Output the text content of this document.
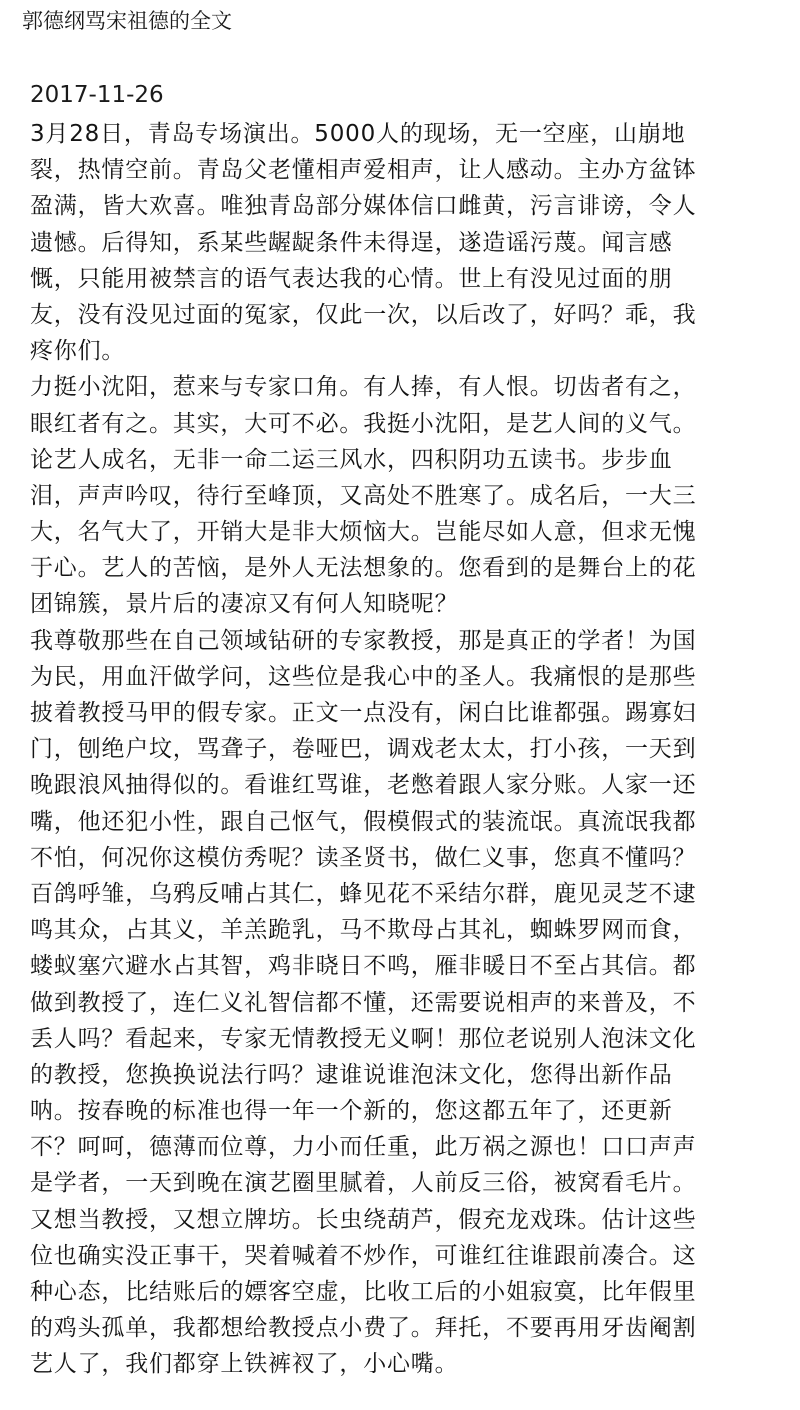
郭德纲骂宋祖德的全文
2017-11-26
3月28日，青岛专场演出。5000人的现场，无一空座，山崩地
裂，热情空前。青岛父老懂相声爱相声，让人感动。主办方盆钵
盈满，皆大欢喜。唯独青岛部分媒体信口雌黄，污言诽谤，令人
遗憾。后得知，系某些龌龊条件未得逞，遂造谣污蔑。闻言感
慨，只能用被禁言的语气表达我的心情。世上有没见过面的朋
友，没有没见过面的冤家，仅此一次，以后改了，好吗？乖，我
疼你们。
力挺小沈阳，惹来与专家口角。有人捧，有人恨。切齿者有之，
眼红者有之。其实，大可不必。我挺小沈阳，是艺人间的义气。
论艺人成名，无非一命二运三风水，四积阴功五读书。步步血
泪，声声吟叹，待行至峰顶，又高处不胜寒了。成名后，一大三
大，名气大了，开销大是非大烦恼大。岂能尽如人意，但求无愧
于心。艺人的苦恼，是外人无法想象的。您看到的是舞台上的花
团锦簇，景片后的凄凉又有何人知晓呢？
我尊敬那些在自己领域钻研的专家教授，那是真正的学者！为国
为民，用血汗做学问，这些位是我心中的圣人。我痛恨的是那些
披着教授马甲的假专家。正文一点没有，闲白比谁都强。踢寡妇
门，刨绝户坟，骂聋子，卷哑巴，调戏老太太，打小孩，一天到
晚跟浪风抽得似的。看谁红骂谁，老憋着跟人家分账。人家一还
嘴，他还犯小性，跟自己怄气，假模假式的装流氓。真流氓我都
不怕，何况你这模仿秀呢？读圣贤书，做仁义事，您真不懂吗？
百鸽呼雏，乌鸦反哺占其仁，蜂见花不采结尔群，鹿见灵芝不逮
鸣其众，占其义，羊羔跪乳，马不欺母占其礼，蜘蛛罗网而食，
蝼蚁塞穴避水占其智，鸡非晓日不鸣，雁非暖日不至占其信。都
做到教授了，连仁义礼智信都不懂，还需要说相声的来普及，不
丢人吗？看起来，专家无情教授无义啊！那位老说别人泡沫文化
的教授，您换换说法行吗？逮谁说谁泡沫文化，您得出新作品
呐。按春晚的标准也得一年一个新的，您这都五年了，还更新
不？呵呵，德薄而位尊，力小而任重，此万祸之源也！口口声声
是学者，一天到晚在演艺圈里腻着，人前反三俗，被窝看毛片。
又想当教授，又想立牌坊。长虫绕葫芦，假充龙戏珠。估计这些
位也确实没正事干，哭着喊着不炒作，可谁红往谁跟前凑合。这
种心态，比结账后的嫖客空虚，比收工后的小姐寂寞，比年假里
的鸡头孤单，我都想给教授点小费了。拜托，不要再用牙齿阉割
艺人了，我们都穿上铁裤衩了，小心嘴。
